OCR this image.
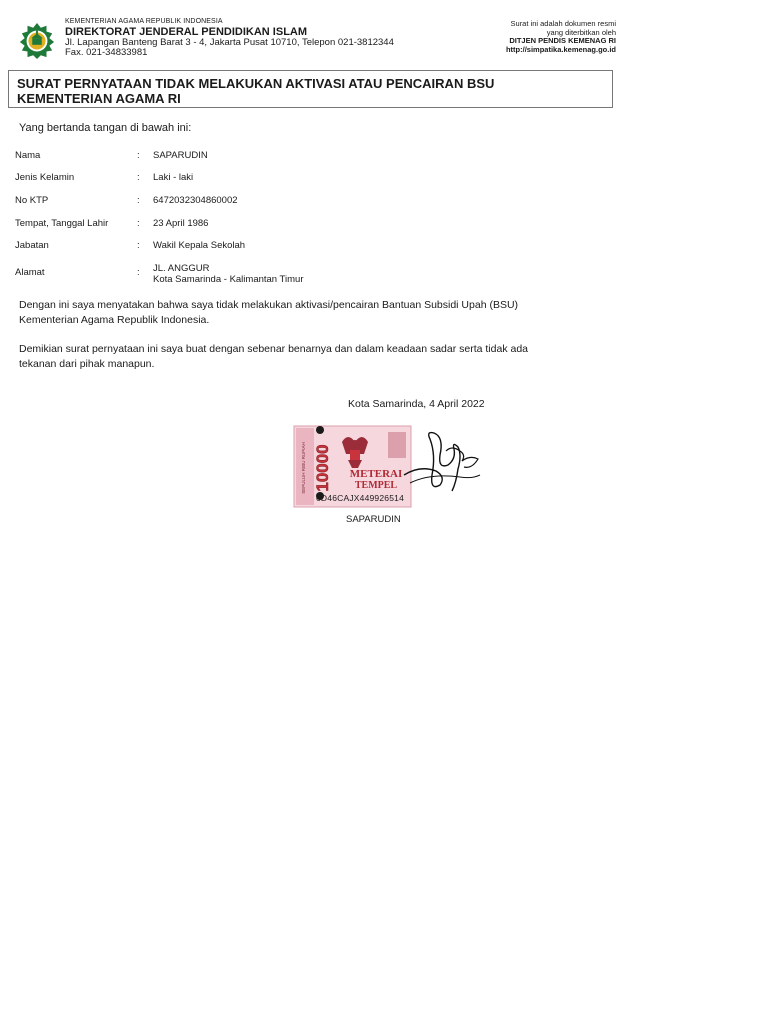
KEMENTERIAN AGAMA REPUBLIK INDONESIA
DIREKTORAT JENDERAL PENDIDIKAN ISLAM
Jl. Lapangan Banteng Barat 3 - 4, Jakarta Pusat 10710, Telepon 021-3812344
Fax. 021-34833981
Surat ini adalah dokumen resmi
yang diterbitkan oleh
DITJEN PENDIS KEMENAG RI
http://simpatika.kemenag.go.id
SURAT PERNYATAAN TIDAK MELAKUKAN AKTIVASI ATAU PENCAIRAN BSU
KEMENTERIAN AGAMA RI
Yang bertanda tangan di bawah ini:
Nama	: SAPARUDIN
Jenis Kelamin	: Laki - laki
No KTP	: 6472032304860002
Tempat, Tanggal Lahir	: 23 April 1986
Jabatan	: Wakil Kepala Sekolah
Alamat	: JL. ANGGUR
Kota Samarinda - Kalimantan Timur
Dengan ini saya menyatakan bahwa saya tidak melakukan aktivasi/pencairan Bantuan Subsidi Upah (BSU)
Kementerian Agama Republik Indonesia.
Demikian surat pernyataan ini saya buat dengan sebenar benarnya dan dalam keadaan sadar serta tidak ada
tekanan dari pihak manapun.
Kota Samarinda, 4 April 2022
SEPULUH RIBU RUPIAH 10000 METERAI
TEMPEL
6D46CAJX449926514
SAPARUDIN
